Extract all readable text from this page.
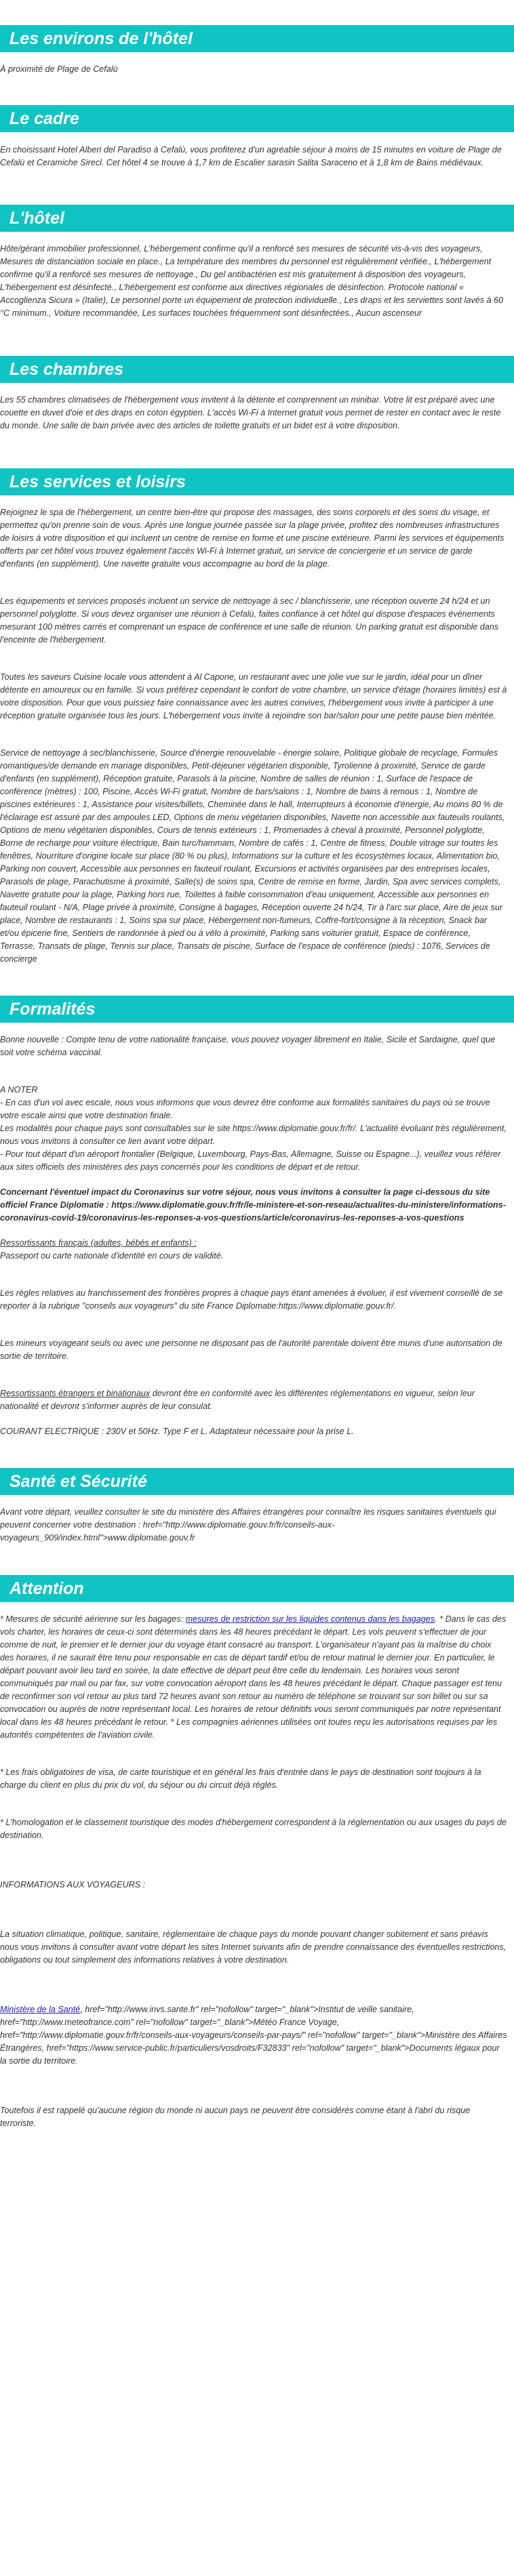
Les environs de l'hôtel

À proximité de Plage de Cefalù

Le cadre

En choisissant Hotel Alberi del Paradiso à Cefalù, vous profiterez d'un agréable séjour à moins de 15 minutes en voiture de Plage de Cefalù et Ceramiche Sirecl. Cet hôtel 4 se trouve à 1,7 km de Escalier sarasin Salita Saraceno et à 1,8 km de Bains médiévaux.

L'hôtel

Hôte/gérant immobilier professionnel, L'hébergement confirme qu'il a renforcé ses mesures de sécurité vis-à-vis des voyageurs, Mesures de distanciation sociale en place., La température des membres du personnel est régulièrement vérifiée., L'hébergement confirme qu'il a renforcé ses mesures de nettoyage., Du gel antibactérien est mis gratuitement à disposition des voyageurs, L'hébergement est désinfecté., L'hébergement est conforme aux directives régionales de désinfection. Protocole national « Accoglienza Sicura » (Italie), Le personnel porte un équipement de protection individuelle., Les draps et les serviettes sont lavés à 60 °C minimum., Voiture recommandée, Les surfaces touchées fréquemment sont désinfectées., Aucun ascenseur

Les chambres

Les 55 chambres climatisées de l'hébergement vous invitent à la détente et comprennent un minibar. Votre lit est préparé avec une couette en duvet d'oie et des draps en coton égyptien. L'accès Wi-Fi à Internet gratuit vous permet de rester en contact avec le reste du monde. Une salle de bain privée avec des articles de toilette gratuits et un bidet est à votre disposition.

Les services et loisirs

Rejoignez le spa de l'hébergement, un centre bien-être qui propose des massages, des soins corporels et des soins du visage, et permettez qu'on prenne soin de vous. Après une longue journée passée sur la plage privée, profitez des nombreuses infrastructures de loisirs à votre disposition et qui incluent un centre de remise en forme et une piscine extérieure. Parmi les services et équipements offerts par cet hôtel vous trouvez également l'accès Wi-Fi à Internet gratuit, un service de conciergerie et un service de garde d'enfants (en supplément). Une navette gratuite vous accompagne au bord de la plage.

Les équipements et services proposés incluent un service de nettoyage à sec / blanchisserie, une réception ouverte 24 h/24 et un personnel polyglotte. Si vous devez organiser une réunion à Cefalù, faites confiance à cet hôtel qui dispose d'espaces événements mesurant 100 mètres carrés et comprenant un espace de conférence et une salle de réunion. Un parking gratuit est disponible dans l'enceinte de l'hébergement.

Toutes les saveurs Cuisine locale vous attendent à Al Capone, un restaurant avec une jolie vue sur le jardin, idéal pour un dîner détente en amoureux ou en famille. Si vous préférez cependant le confort de votre chambre, un service d'étage (horaires limités) est à votre disposition. Pour que vous puissiez faire connaissance avec les autres convives, l'hébergement vous invite à participer à une réception gratuite organisée tous les jours. L'hébergement vous invite à rejoindre son bar/salon pour une petite pause bien méritée.

Service de nettoyage à sec/blanchisserie, Source d'énergie renouvelable - énergie solaire, Politique globale de recyclage, Formules romantiques/de demande en mariage disponibles, Petit-déjeuner végétarien disponible, Tyrolienne à proximité, Service de garde d'enfants (en supplément), Réception gratuite, Parasols à la piscine, Nombre de salles de réunion : 1, Surface de l'espace de conférence (mètres) : 100, Piscine, Accès Wi-Fi gratuit, Nombre de bars/salons : 1, Nombre de bains à remous : 1, Nombre de piscines extérieures : 1, Assistance pour visites/billets, Cheminée dans le hall, Interrupteurs à économie d'énergie, Au moins 80 % de l'éclairage est assuré par des ampoules LED, Options de menu végétarien disponibles, Navette non accessible aux fauteuils roulants, Options de menu végétarien disponibles, Cours de tennis extérieurs : 1, Promenades à cheval à proximité, Personnel polyglotte, Borne de recharge pour voiture électrique, Bain turc/hammam, Nombre de cafés : 1, Centre de fitness, Double vitrage sur toutes les fenêtres, Nourriture d'origine locale sur place (80 % ou plus), Informations sur la culture et les écosystèmes locaux, Alimentation bio, Parking non couvert, Accessible aux personnes en fauteuil roulant, Excursions et activités organisées par des entreprises locales, Parasols de plage, Parachutisme à proximité, Salle(s) de soins spa, Centre de remise en forme, Jardin, Spa avec services complets, Navette gratuite pour la plage, Parking hors rue, Toilettes à faible consommation d'eau uniquement, Accessible aux personnes en fauteuil roulant - N/A, Plage privée à proximité, Consigne à bagages, Réception ouverte 24 h/24, Tir à l'arc sur place, Aire de jeux sur place, Nombre de restaurants : 1, Soins spa sur place, Hébergement non-fumeurs, Coffre-fort/consigne à la réception, Snack bar et/ou épicerie fine, Sentiers de randonnée à pied ou à vélo à proximité, Parking sans voiturier gratuit, Espace de conférence, Terrasse, Transats de plage, Tennis sur place, Transats de piscine, Surface de l'espace de conférence (pieds) : 1076, Services de concierge

Formalités

Bonne nouvelle : Compte tenu de votre nationalité française, vous pouvez voyager librement en Italie, Sicile et Sardaigne, quel que soit votre schéma vaccinal.

A NOTER

- En cas d'un vol avec escale, nous vous informons que vous devrez être conforme aux formalités sanitaires du pays où se trouve votre escale ainsi que votre destination finale.

Les modalités pour chaque pays sont consultables sur le site https://www.diplomatie.gouv.fr/fr/. L'actualité évoluant très régulièrement, nous vous invitons à consulter ce lien avant votre départ.

- Pour tout départ d'un aéroport frontalier (Belgique, Luxembourg, Pays-Bas, Allemagne, Suisse ou Espagne...), veuillez vous référer aux sites officiels des ministères des pays concernés pour les conditions de départ et de retour.

Concernant l'éventuel impact du Coronavirus sur votre séjour, nous vous invitons à consulter la page ci-dessous du site officiel France Diplomatie : https://www.diplomatie.gouv.fr/fr/le-ministere-et-son-reseau/actualites-du-ministere/informations-coronavirus-covid-19/coronavirus-les-reponses-a-vos-questions/article/coronavirus-les-reponses-a-vos-questions

Ressortissants français (adultes, bébés et enfants) :

Passeport ou carte nationale d'identité en cours de validité.

Les règles relatives au franchissement des frontières propres à chaque pays étant amenées à évoluer, il est vivement conseillé de se reporter à la rubrique "conseils aux voyageurs" du site France Diplomatie:https://www.diplomatie.gouv.fr/.

Les mineurs voyageant seuls ou avec une personne ne disposant pas de l'autorité parentale doivent être munis d'une autorisation de sortie de territoire.

Ressortissants étrangers et binationaux devront être en conformité avec les différentes réglementations en vigueur, selon leur nationalité et devront s'informer auprès de leur consulat.

COURANT ELECTRIQUE : 230V et 50Hz. Type F et L. Adaptateur nécessaire pour la prise L.

Santé et Sécurité

Avant votre départ, veuillez consulter le site du ministère des Affaires étrangères pour connaître les risques sanitaires éventuels qui peuvent concerner votre destination : href="http://www.diplomatie.gouv.fr/fr/conseils-aux-voyageurs_909/index.html">www.diplomatie.gouv.fr

Attention

* Mesures de sécurité aérienne sur les bagages: mesures de restriction sur les liquides contenus dans les bagages. * Dans le cas des vols charter, les horaires de ceux-ci sont déterminés dans les 48 heures précédant le départ. Les vols peuvent s'effectuer de jour comme de nuit, le premier et le dernier jour du voyage étant consacré au transport. L'organisateur n'ayant pas la maîtrise du choix des horaires, il ne saurait être tenu pour responsable en cas de départ tardif et/ou de retour matinal le dernier jour. En particulier, le départ pouvant avoir lieu tard en soirée, la date effective de départ peut être celle du lendemain. Les horaires vous seront communiqués par mail ou par fax, sur votre convocation aéroport dans les 48 heures précédant le départ. Chaque passager est tenu de reconfirmer son vol retour au plus tard 72 heures avant son retour au numéro de téléphone se trouvant sur son billet ou sur sa convocation ou auprès de notre représentant local. Les horaires de retour définitifs vous seront communiqués par notre représentant local dans les 48 heures précédant le retour. * Les compagnies aériennes utilisées ont toutes reçu les autorisations requises par les autorités compétentes de l'aviation civile.

* Les frais obligatoires de visa, de carte touristique et en général les frais d'entrée dans le pays de destination sont toujours à la charge du client en plus du prix du vol, du séjour ou du circuit déjà réglés.

* L'homologation et le classement touristique des modes d'hébergement correspondent à la réglementation ou aux usages du pays de destination.

INFORMATIONS AUX VOYAGEURS :

La situation climatique, politique, sanitaire, réglementaire de chaque pays du monde pouvant changer subitement et sans préavis nous vous invitons à consulter avant votre départ les sites Internet suivants afin de prendre connaissance des éventuelles restrictions, obligations ou tout simplement des informations relatives à votre destination.

Ministère de la Santé, href="http://www.invs.sante.fr" rel="nofollow" target="_blank">Institut de veille sanitaire, href="http://www.meteofrance.com" rel="nofollow" target="_blank">Météo France Voyage, href="http://www.diplomatie.gouv.fr/fr/conseils-aux-voyageurs/conseils-par-pays/" rel="nofollow" target="_blank">Ministère des Affaires Étrangères, href="https://www.service-public.fr/particuliers/vosdroits/F32833" rel="nofollow" target="_blank">Documents légaux pour la sortie du territoire.

Toutefois il est rappelé qu'aucune région du monde ni aucun pays ne peuvent être considérés comme étant à l'abri du risque terroriste.
